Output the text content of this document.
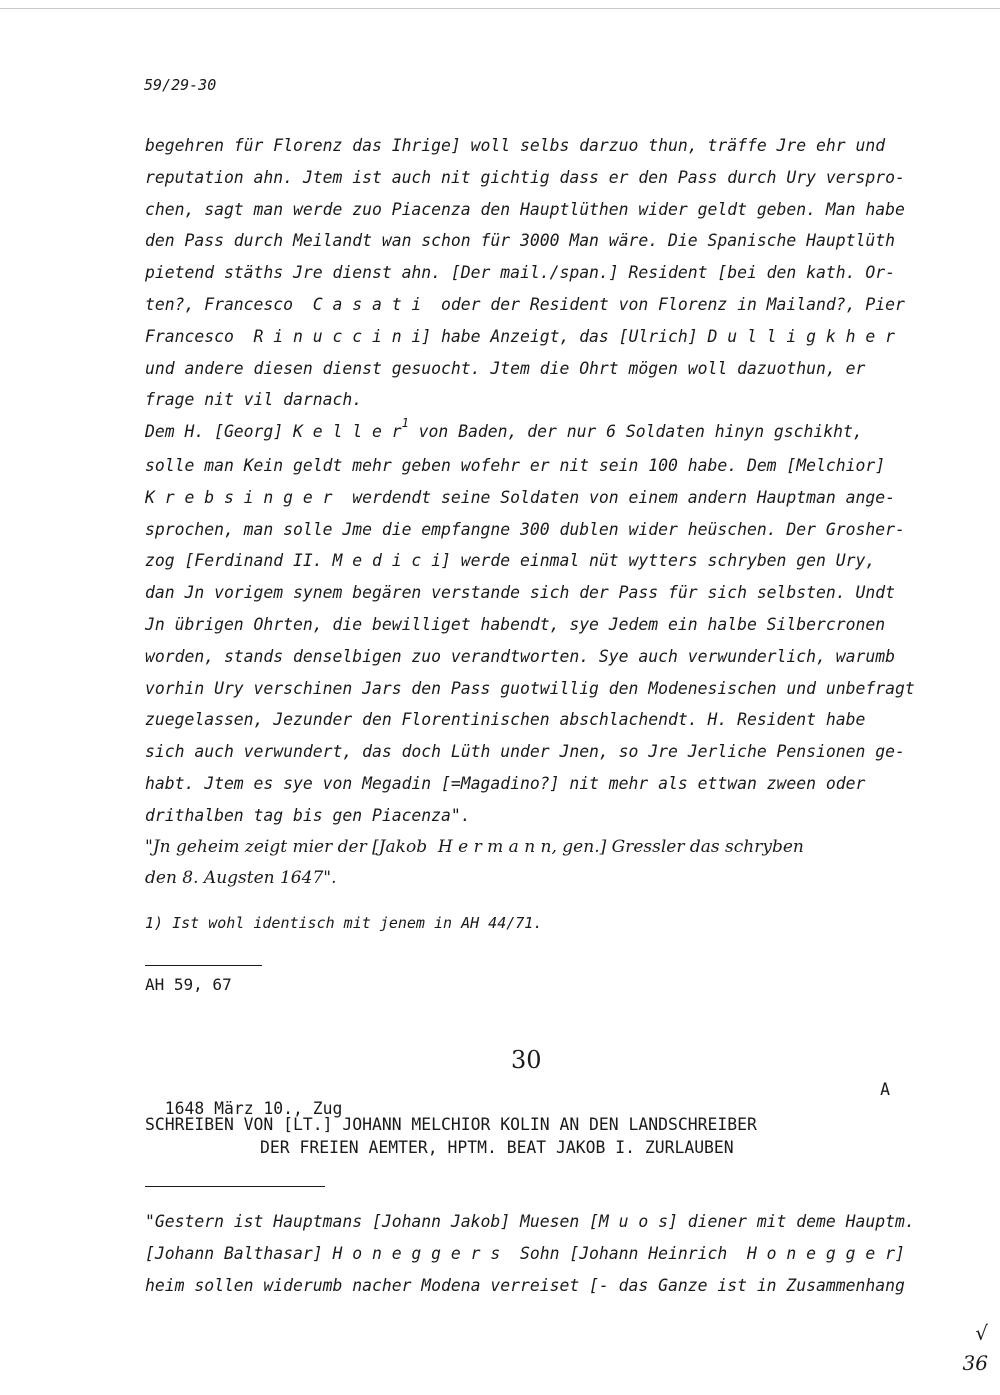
59/29-30
begehren für Florenz das Ihrige] woll selbs darzuo thun, träffe Jre ehr und
reputation ahn. Jtem ist auch nit gichtig dass er den Pass durch Ury verspro-
chen, sagt man werde zuo Piacenza den Hauptlüthen wider geldt geben. Man habe
den Pass durch Meilandt wan schon für 3000 Man wäre. Die Spanische Hauptlüth
pietend stäths Jre dienst ahn. [Der mail./span.] Resident [bei den kath. Or-
ten?, Francesco  C a s a t i  oder der Resident von Florenz in Mailand?, Pier
Francesco  R i n u c c i n i] habe Anzeigt, das [Ulrich] D u l l i g k h e r
und andere diesen dienst gesuocht. Jtem die Ohrt mögen woll dazuothun, er
frage nit vil darnach.
Dem H. [Georg] K e l l e $r^1$ von Baden, der nur 6 Soldaten hinyn gschikht,
solle man Kein geldt mehr geben wofehr er nit sein 100 habe. Dem [Melchior]
K r e b s i n g e r  werdendt seine Soldaten von einem andern Hauptman ange-
sprochen, man solle Jme die empfangne 300 dublen wider heüschen. Der Grosher-
zog [Ferdinand II. M e d i c i] werde einmal nüt wytters schryben gen Ury,
dan Jn vorigem synem begären verstande sich der Pass für sich selbsten. Undt
Jn übrigen Ohrten, die bewilliget habendt, sye Jedem ein halbe Silbercronen
worden, stands denselbigen zuo verandtworten. Sye auch verwunderlich, warumb
vorhin Ury verschinen Jars den Pass guotwillig den Modenesischen und unbefragt
zuegelassen, Jezunder den Florentinischen abschlachendt. H. Resident habe
sich auch verwundert, das doch Lüth under Jnen, so Jre Jerliche Pensionen ge-
habt. Jtem es sye von Megadin [=Magadino?] nit mehr als ettwan zween oder
drithalben tag bis gen Piacenza".
"Jn geheim zeigt mier der [Jakob  H e r m a n n, gen.] Gressler das schryben
den 8. Augsten 1647".
1) Ist wohl identisch mit jenem in AH 44/71.
AH 59, 67
30

1648 März 10., Zug

A

SCHREIBEN VON [LT.] JOHANN MELCHIOR KOLIN AN DEN LANDSCHREIBER
DER FREIEN AEMTER, HPTM. BEAT JAKOB I. ZURLAUBEN
"Gestern ist Hauptmans [Johann Jakob] Muesen [M u o s] diener mit deme Hauptm.
[Johann Balthasar] H o n e g g e r s  Sohn [Johann Heinrich  H o n e g g e r]
heim sollen widerumb nacher Modena verreiset [- das Ganze ist in Zusammenhang
√
36
